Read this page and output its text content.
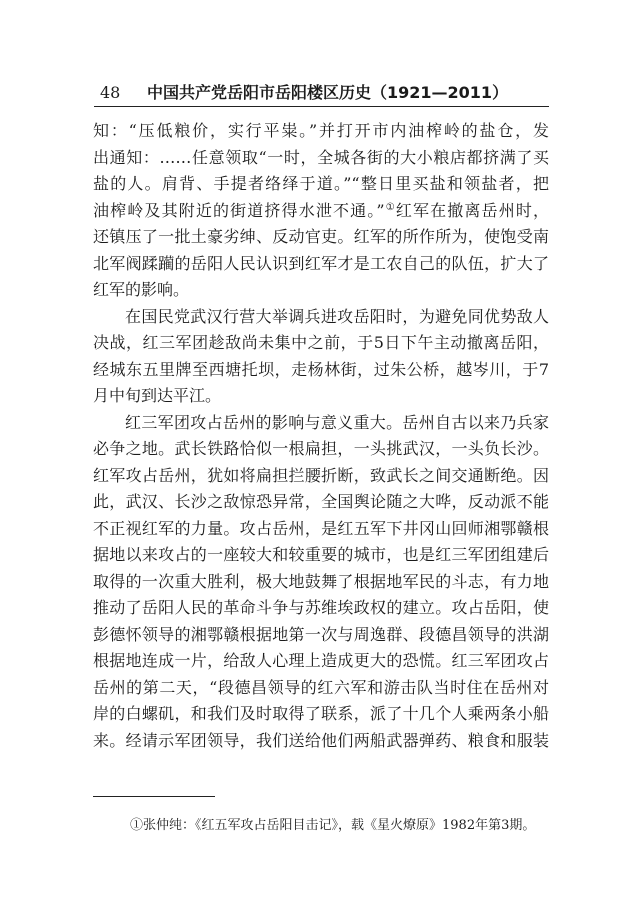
48 中国共产党岳阳市岳阳楼区历史（1921—2011）
知：“压低粮价，实行平粜。”并打开市内油榨岭的盐仓，发
出通知：……任意领取“一时，全城各街的大小粮店都挤满了买
盐的人。肩背、手提者络绎于道。”“整日里买盐和领盐者，把
油榨岭及其附近的街道挤得水泄不通。”①红军在撤离岳州时，
还镇压了一批土豪劣绅、反动官吏。红军的所作所为，使饱受南
北军阀蹂躏的岳阳人民认识到红军才是工农自己的队伍，扩大了
红军的影响。
在国民党武汉行营大举调兵进攻岳阳时，为避免同优势敌人
决战，红三军团趁敌尚未集中之前，于5日下午主动撤离岳阳，
经城东五里牌至西塘托坝，走杨林街，过朱公桥，越岑川，于7
月中旬到达平江。
红三军团攻占岳州的影响与意义重大。岳州自古以来乃兵家
必争之地。武长铁路恰似一根扁担，一头挑武汉，一头负长沙。
红军攻占岳州，犹如将扁担拦腰折断，致武长之间交通断绝。因
此，武汉、长沙之敌惊恐异常，全国舆论随之大哗，反动派不能
不正视红军的力量。攻占岳州，是红五军下井冈山回师湘鄂赣根
据地以来攻占的一座较大和较重要的城市，也是红三军团组建后
取得的一次重大胜利，极大地鼓舞了根据地军民的斗志，有力地
推动了岳阳人民的革命斗争与苏维埃政权的建立。攻占岳阳，使
彭德怀领导的湘鄂赣根据地第一次与周逸群、段德昌领导的洪湖
根据地连成一片，给敌人心理上造成更大的恐慌。红三军团攻占
岳州的第二天，“段德昌领导的红六军和游击队当时住在岳州对
岸的白螺矶，和我们及时取得了联系，派了十几个人乘两条小船
来。经请示军团领导，我们送给他们两船武器弹药、粮食和服装
①张仲纯：《红五军攻占岳阳目击记》，载《星火燎原》1982年第3期。
